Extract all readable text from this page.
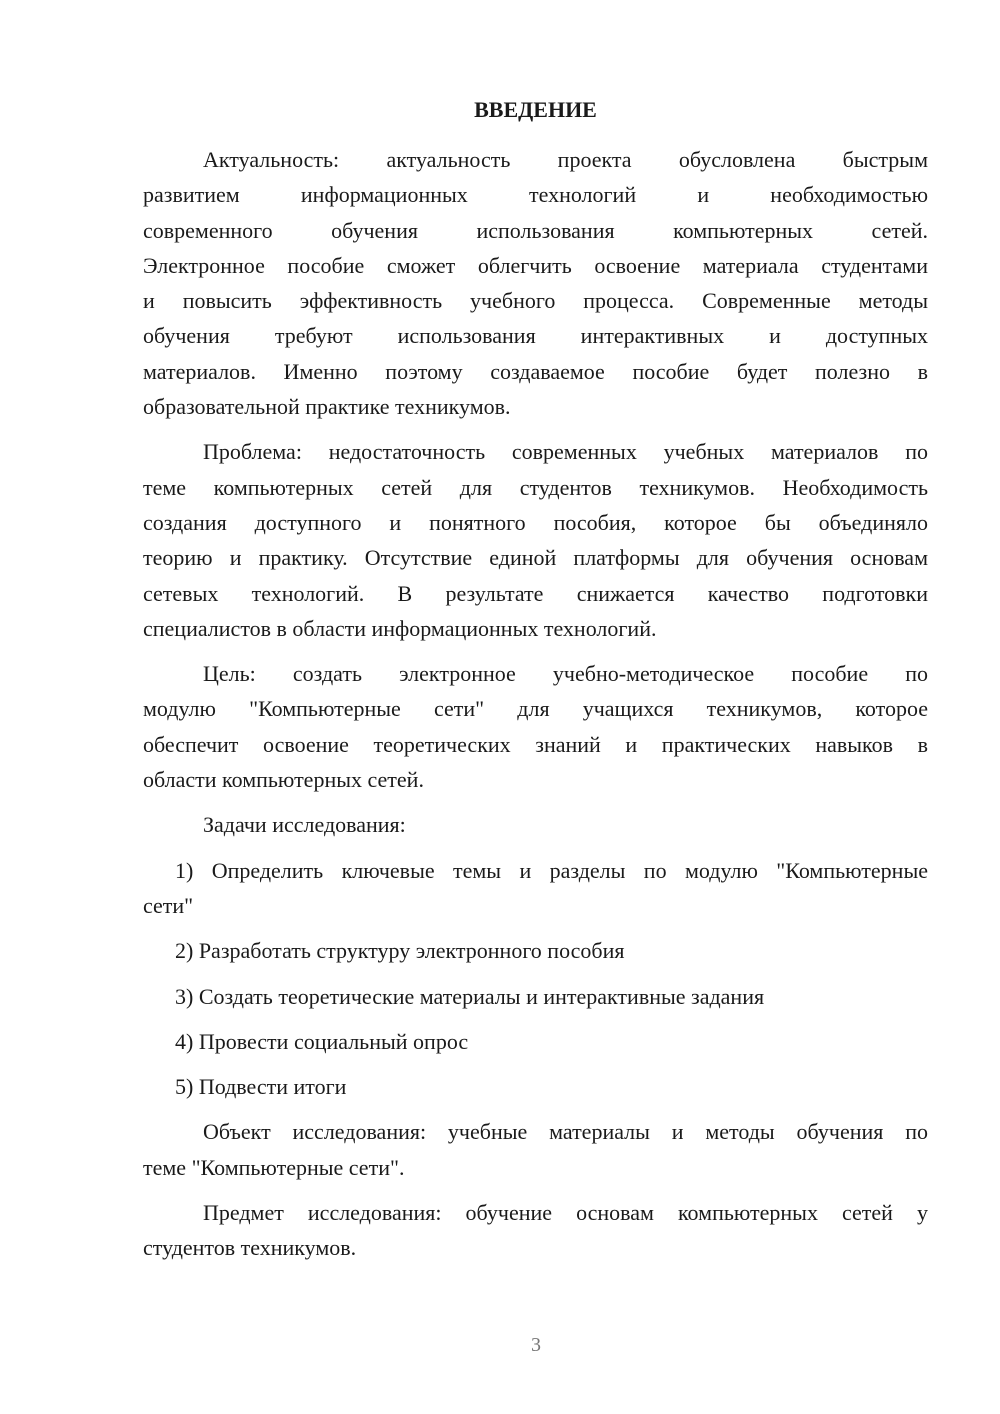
ВВЕДЕНИЕ
Актуальность: актуальность проекта обусловлена быстрым
развитием информационных технологий и необходимостью
современного обучения использования компьютерных сетей.
Электронное пособие сможет облегчить освоение материала студентами
и повысить эффективность учебного процесса. Современные методы
обучения требуют использования интерактивных и доступных
материалов. Именно поэтому создаваемое пособие будет полезно в
образовательной практике техникумов.
Проблема: недостаточность современных учебных материалов по
теме компьютерных сетей для студентов техникумов. Необходимость
создания доступного и понятного пособия, которое бы объединяло
теорию и практику. Отсутствие единой платформы для обучения основам
сетевых технологий. В результате снижается качество подготовки
специалистов в области информационных технологий.
Цель: создать электронное учебно-методическое пособие по
модулю "Компьютерные сети" для учащихся техникумов, которое
обеспечит освоение теоретических знаний и практических навыков в
области компьютерных сетей.
Задачи исследования:
1) Определить ключевые темы и разделы по модулю "Компьютерные
сети"
2) Разработать структуру электронного пособия
3) Создать теоретические материалы и интерактивные задания
4) Провести социальный опрос
5) Подвести итоги
Объект исследования: учебные материалы и методы обучения по
теме "Компьютерные сети".
Предмет исследования: обучение основам компьютерных сетей у
студентов техникумов.
3
